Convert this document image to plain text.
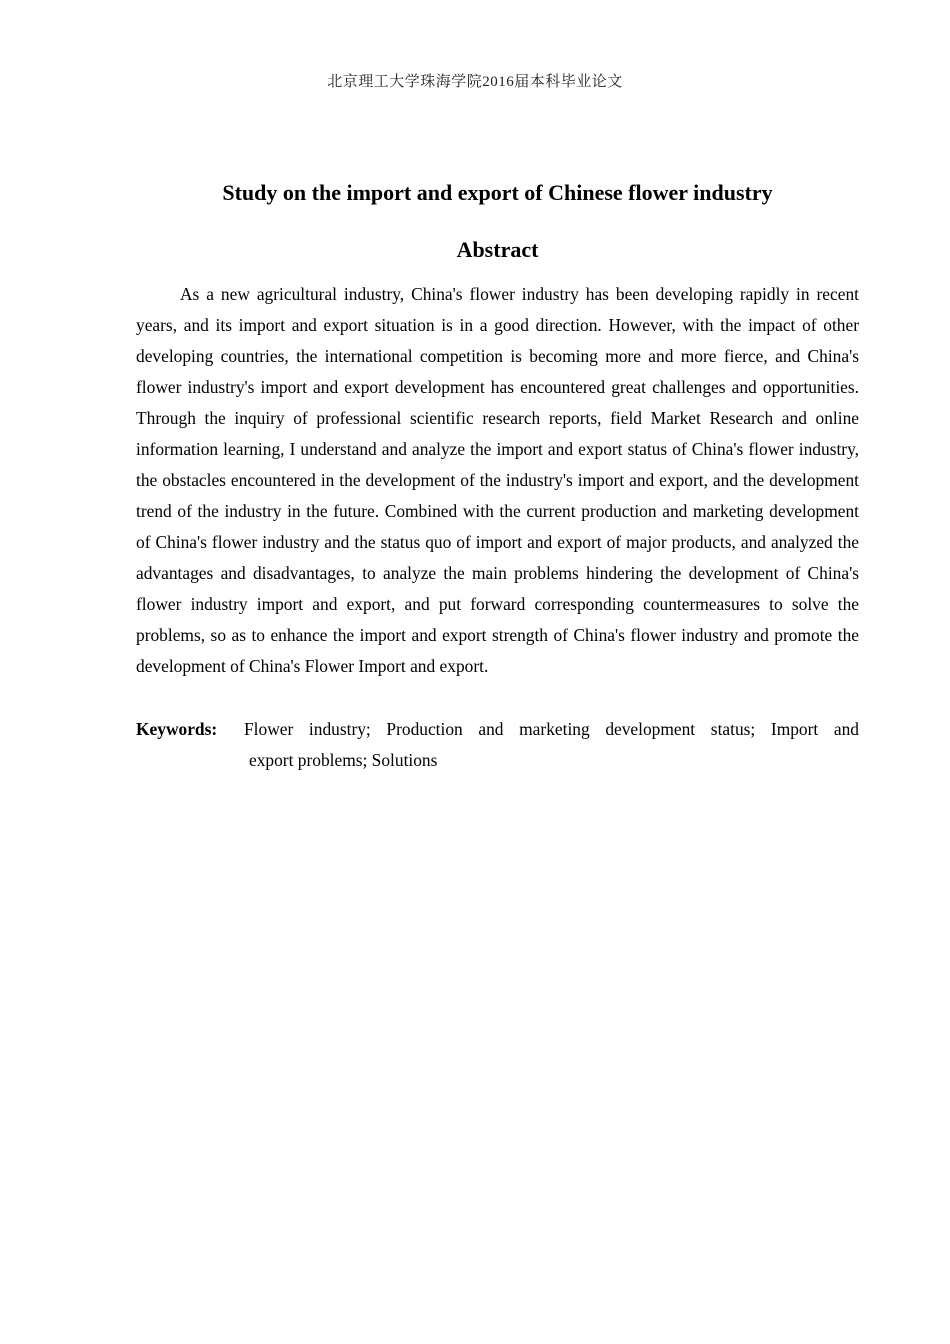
北京理工大学珠海学院2016届本科毕业论文
Study on the import and export of Chinese flower industry
Abstract

As a new agricultural industry, China's flower industry has been developing rapidly in recent years, and its import and export situation is in a good direction. However, with the impact of other developing countries, the international competition is becoming more and more fierce, and China's flower industry's import and export development has encountered great challenges and opportunities. Through the inquiry of professional scientific research reports, field Market Research and online information learning, I understand and analyze the import and export status of China's flower industry, the obstacles encountered in the development of the industry's import and export, and the development trend of the industry in the future. Combined with the current production and marketing development of China's flower industry and the status quo of import and export of major products, and analyzed the advantages and disadvantages, to analyze the main problems hindering the development of China's flower industry import and export, and put forward corresponding countermeasures to solve the problems, so as to enhance the import and export strength of China's flower industry and promote the development of China's Flower Import and export.

Keywords: Flower industry; Production and marketing development status; Import and
export problems; Solutions
